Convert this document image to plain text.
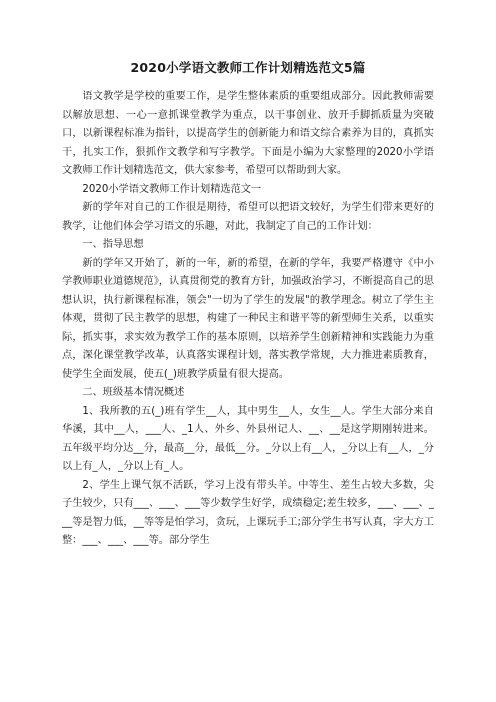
2020小学语文教师工作计划精选范文5篇

语文教学是学校的重要工作，是学生整体素质的重要组成部分。因此教师需要以解放思想、一心一意抓课堂教学为重点，以干事创业、放开手脚抓质量为突破口，以新课程标准为指针，以提高学生的创新能力和语文综合素养为目的，真抓实干，扎实工作，狠抓作文教学和写字教学。下面是小编为大家整理的2020小学语文教师工作计划精选范文，供大家参考，希望可以帮助到大家。

2020小学语文教师工作计划精选范文一

新的学年对自己的工作很是期待，希望可以把语文较好，为学生们带来更好的教学，让他们体会学习语文的乐趣，对此，我制定了自己的工作计划：

一、指导思想

新的学年又开始了，新的一年，新的希望，在新的学年，我要严格遵守《中小学教师职业道德规范》，认真贯彻党的教育方针，加强政治学习，不断提高自己的思想认识，执行新课程标准，领会"一切为了学生的发展"的教学理念。树立了学生主体观，贯彻了民主教学的思想，构建了一种民主和谐平等的新型师生关系，以重实际，抓实事，求实效为教学工作的基本原则，以培养学生创新精神和实践能力为重点，深化课堂教学改革，认真落实课程计划，落实教学常规，大力推进素质教育，使学生全面发展，使五(_)班教学质量有很大提高。

二、班级基本情况概述

1、我所教的五(_)班有学生__人，其中男生__人，女生__人。学生大部分来自华溪，其中__人，___人、_1人、外乡、外县州记人、__、__是这学期刚转进来。五年级平均分达__分，最高__分，最低__分。_分以上有__人，_分以上有__人，_分以上有_人，_分以上有_人。

2、学生上课气氛不活跃，学习上没有带头羊。中等生、差生占较大多数，尖子生较少，只有___、___、___等少数学生好学，成绩稳定;差生较多，___、___、___等是智力低，__等等是怕学习，贪玩，上课玩手工;部分学生书写认真，字大方工整：___、___、___等。部分学生
